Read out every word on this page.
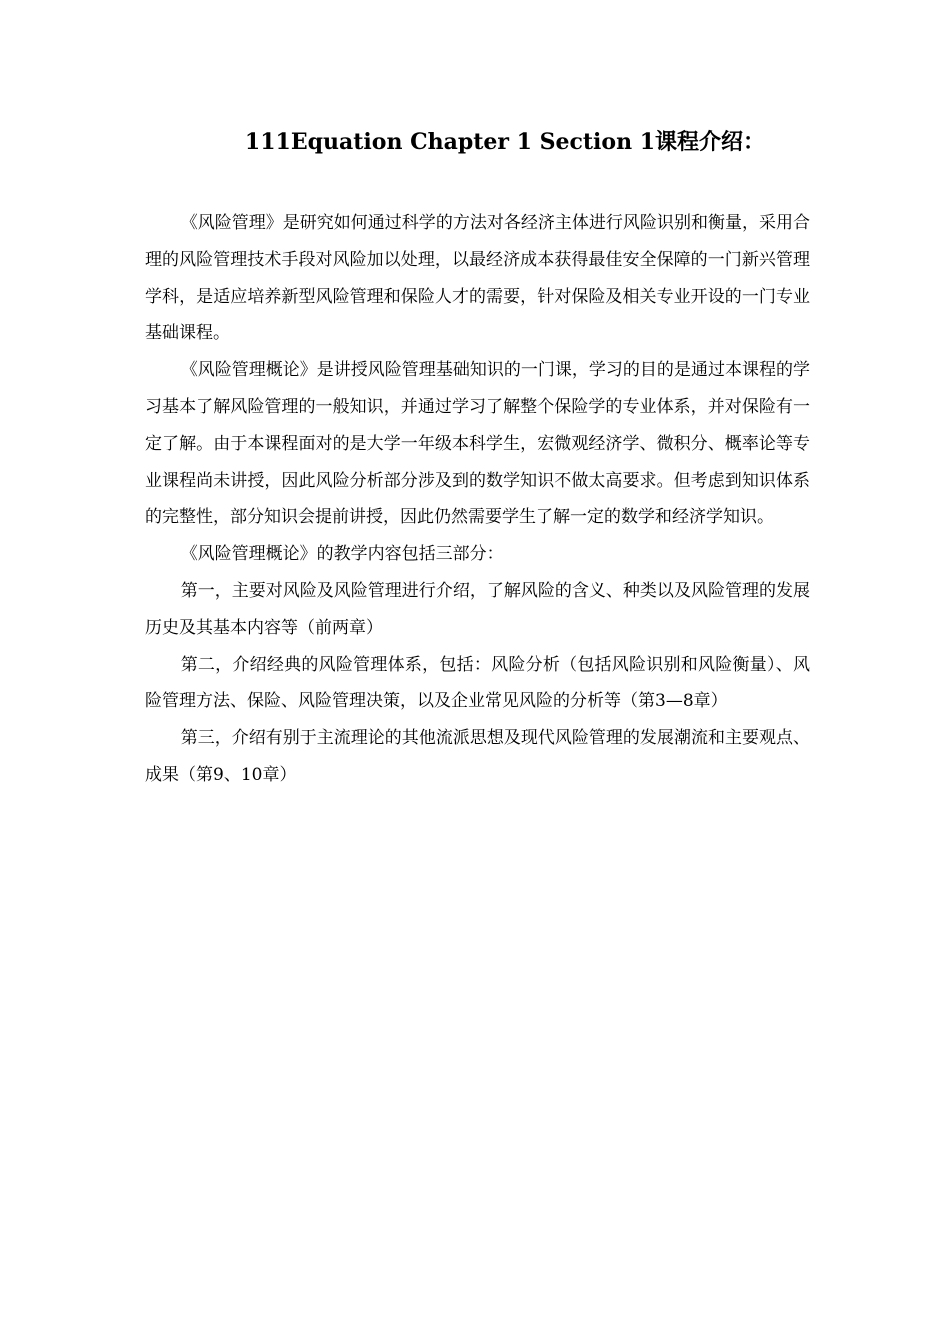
111Equation Chapter 1 Section 1课程介绍：

《风险管理》是研究如何通过科学的方法对各经济主体进行风险识别和衡量，采用合理的风险管理技术手段对风险加以处理，以最经济成本获得最佳安全保障的一门新兴管理学科，是适应培养新型风险管理和保险人才的需要，针对保险及相关专业开设的一门专业基础课程。

《风险管理概论》是讲授风险管理基础知识的一门课，学习的目的是通过本课程的学习基本了解风险管理的一般知识，并通过学习了解整个保险学的专业体系，并对保险有一定了解。由于本课程面对的是大学一年级本科学生，宏微观经济学、微积分、概率论等专业课程尚未讲授，因此风险分析部分涉及到的数学知识不做太高要求。但考虑到知识体系的完整性，部分知识会提前讲授，因此仍然需要学生了解一定的数学和经济学知识。

《风险管理概论》的教学内容包括三部分：

第一，主要对风险及风险管理进行介绍，了解风险的含义、种类以及风险管理的发展历史及其基本内容等（前两章）

第二，介绍经典的风险管理体系，包括：风险分析（包括风险识别和风险衡量）、风险管理方法、保险、风险管理决策，以及企业常见风险的分析等（第3—8章）

第三，介绍有别于主流理论的其他流派思想及现代风险管理的发展潮流和主要观点、成果（第9、10章）
